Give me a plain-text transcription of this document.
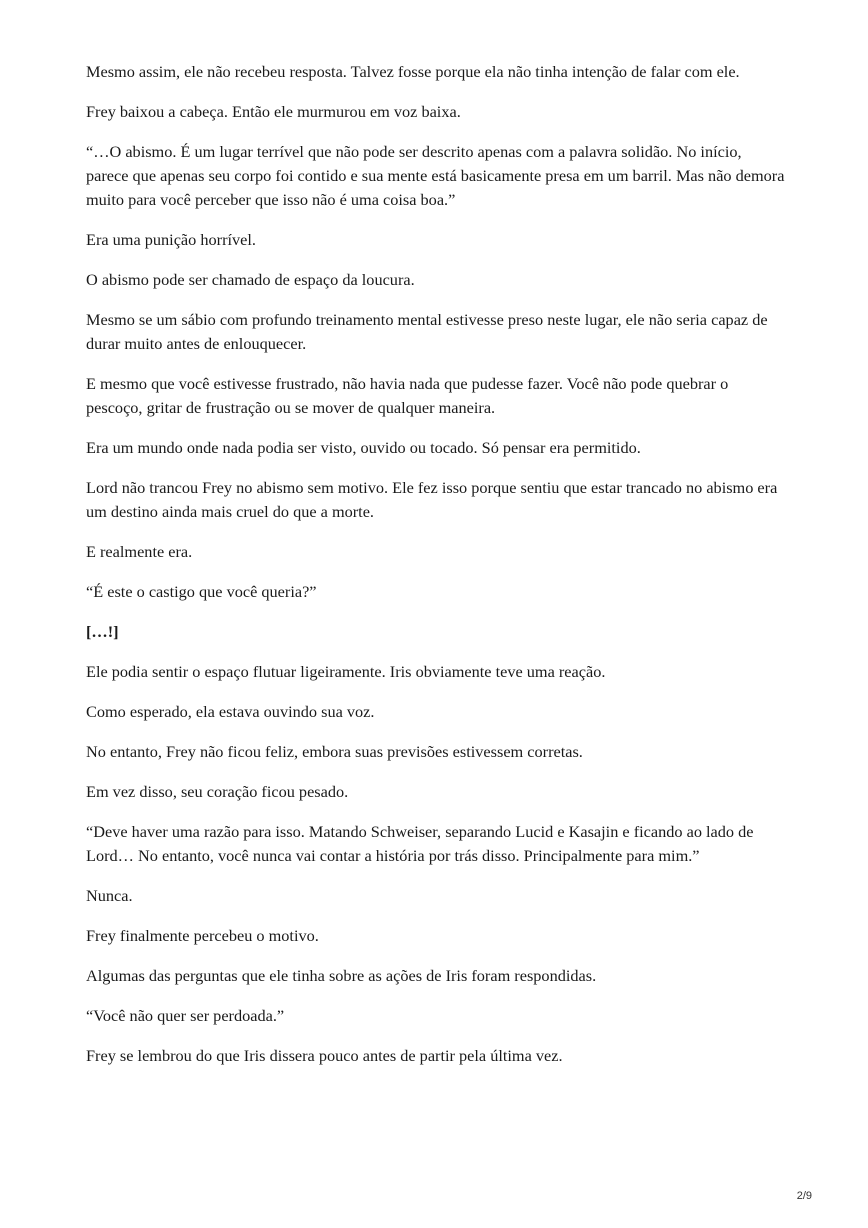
Mesmo assim, ele não recebeu resposta. Talvez fosse porque ela não tinha intenção de falar com ele.

Frey baixou a cabeça. Então ele murmurou em voz baixa.

“…O abismo. É um lugar terrível que não pode ser descrito apenas com a palavra solidão. No início, parece que apenas seu corpo foi contido e sua mente está basicamente presa em um barril. Mas não demora muito para você perceber que isso não é uma coisa boa.”

Era uma punição horrível.

O abismo pode ser chamado de espaço da loucura.

Mesmo se um sábio com profundo treinamento mental estivesse preso neste lugar, ele não seria capaz de durar muito antes de enlouquecer.

E mesmo que você estivesse frustrado, não havia nada que pudesse fazer. Você não pode quebrar o pescoço, gritar de frustração ou se mover de qualquer maneira.

Era um mundo onde nada podia ser visto, ouvido ou tocado. Só pensar era permitido.

Lord não trancou Frey no abismo sem motivo. Ele fez isso porque sentiu que estar trancado no abismo era um destino ainda mais cruel do que a morte.

E realmente era.

“É este o castigo que você queria?”

[…!]

Ele podia sentir o espaço flutuar ligeiramente. Iris obviamente teve uma reação.

Como esperado, ela estava ouvindo sua voz.

No entanto, Frey não ficou feliz, embora suas previsões estivessem corretas.

Em vez disso, seu coração ficou pesado.

“Deve haver uma razão para isso. Matando Schweiser, separando Lucid e Kasajin e ficando ao lado de Lord… No entanto, você nunca vai contar a história por trás disso. Principalmente para mim.”

Nunca.

Frey finalmente percebeu o motivo.

Algumas das perguntas que ele tinha sobre as ações de Iris foram respondidas.

“Você não quer ser perdoada.”

Frey se lembrou do que Iris dissera pouco antes de partir pela última vez.

2/9
